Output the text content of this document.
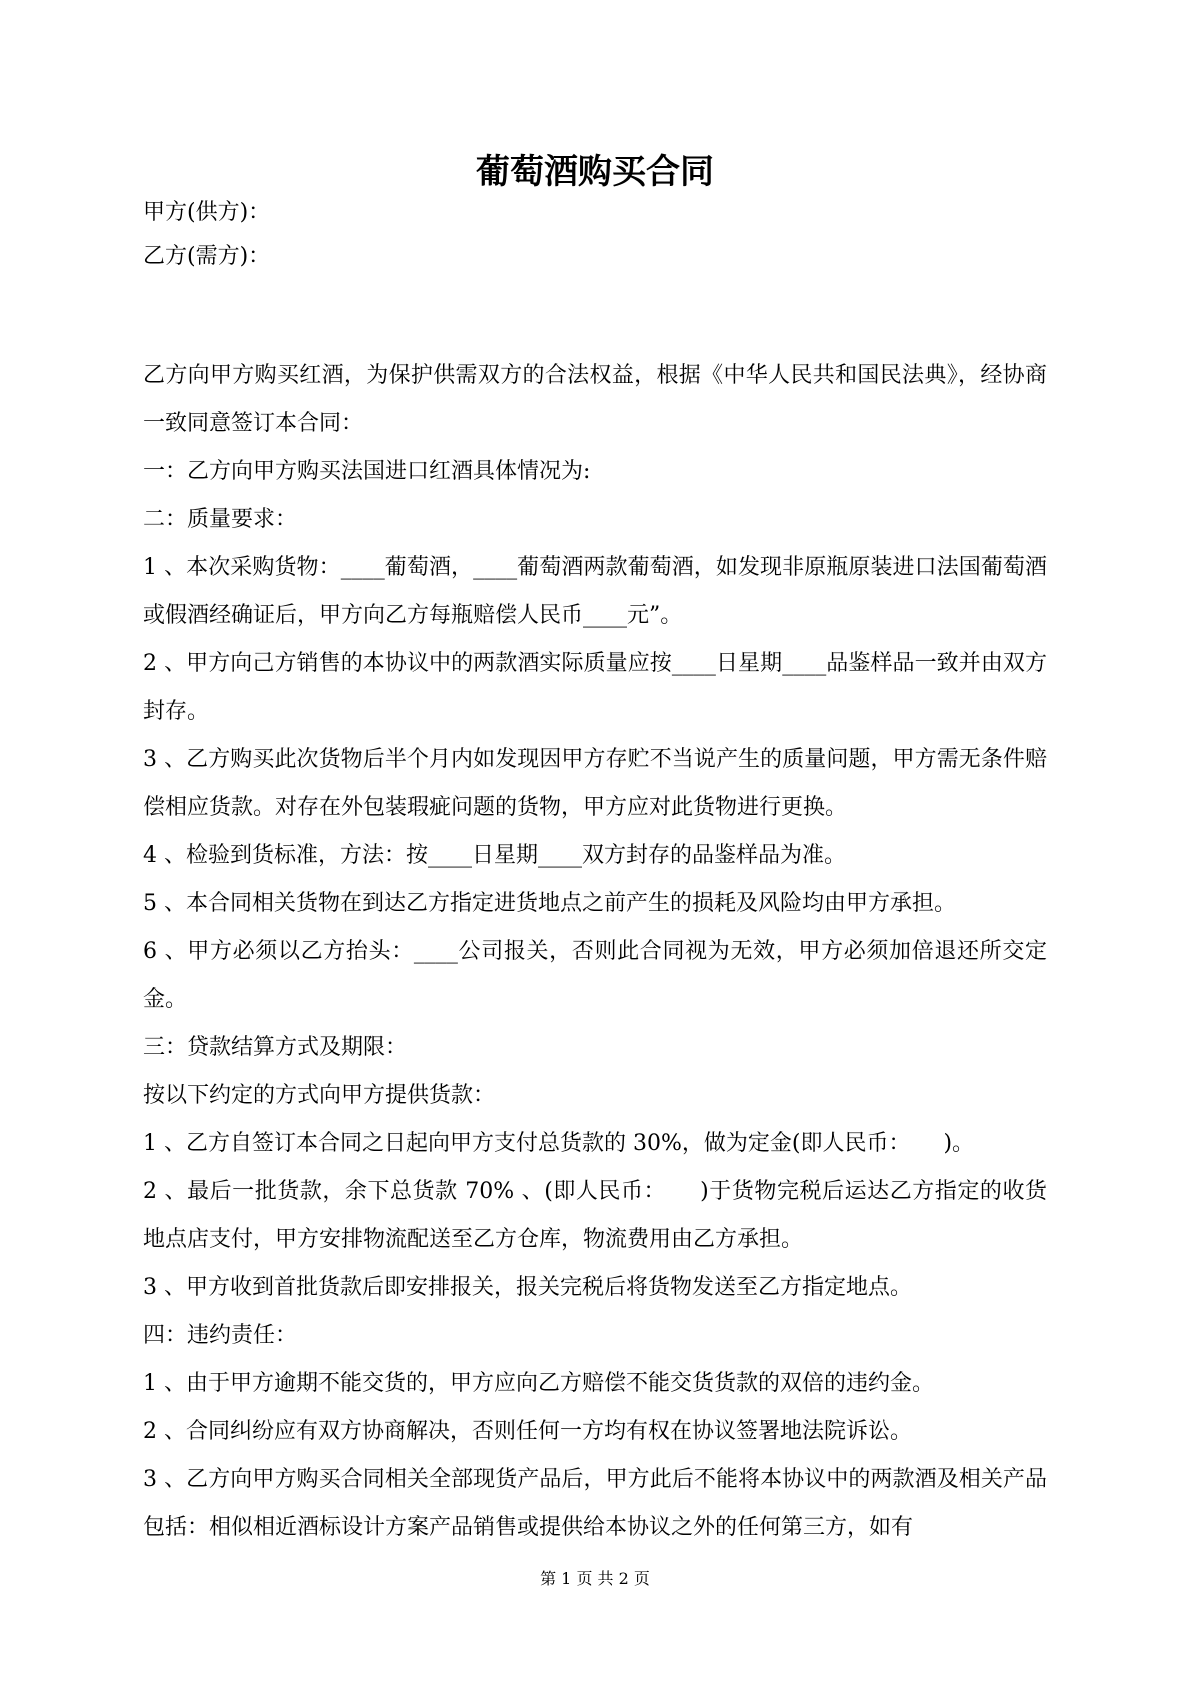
葡萄酒购买合同
甲方(供方)：
乙方(需方)：

乙方向甲方购买红酒，为保护供需双方的合法权益，根据《中华人民共和国民法典》，经协商一致同意签订本合同：

一：乙方向甲方购买法国进口红酒具体情况为:

二：质量要求：

1 、本次采购货物：____葡萄酒，____葡萄酒两款葡萄酒，如发现非原瓶原装进口法国葡萄酒或假酒经确证后，甲方向乙方每瓶赔偿人民币____元”。

2 、甲方向己方销售的本协议中的两款酒实际质量应按____日星期____品鉴样品一致并由双方封存。

3 、乙方购买此次货物后半个月内如发现因甲方存贮不当说产生的质量问题，甲方需无条件赔偿相应货款。对存在外包装瑕疵问题的货物，甲方应对此货物进行更换。

4 、检验到货标准，方法：按____日星期____双方封存的品鉴样品为准。

5 、本合同相关货物在到达乙方指定进货地点之前产生的损耗及风险均由甲方承担。

6 、甲方必须以乙方抬头：____公司报关，否则此合同视为无效，甲方必须加倍退还所交定金。

三：贷款结算方式及期限：

按以下约定的方式向甲方提供货款：

1 、乙方自签订本合同之日起向甲方支付总货款的 30%，做为定金(即人民币：　　)。

2 、最后一批货款，余下总货款 70% 、(即人民币：　　)于货物完税后运达乙方指定的收货地点店支付，甲方安排物流配送至乙方仓库，物流费用由乙方承担。

3 、甲方收到首批货款后即安排报关，报关完税后将货物发送至乙方指定地点。

四：违约责任：

1 、由于甲方逾期不能交货的，甲方应向乙方赔偿不能交货货款的双倍的违约金。

2 、合同纠纷应有双方协商解决，否则任何一方均有权在协议签署地法院诉讼。

3 、乙方向甲方购买合同相关全部现货产品后，甲方此后不能将本协议中的两款酒及相关产品包括：相似相近酒标设计方案产品销售或提供给本协议之外的任何第三方，如有

第 1 页 共 2 页
